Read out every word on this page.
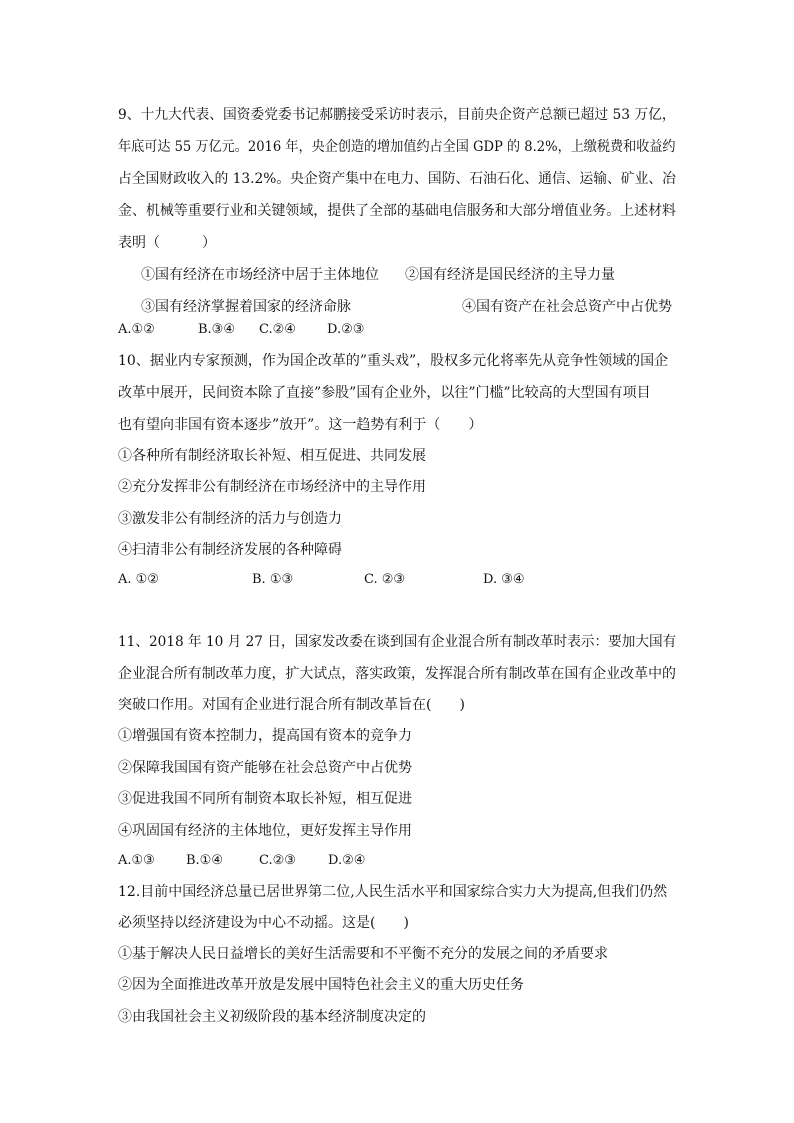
9、十九大代表、国资委党委书记郝鹏接受采访时表示，目前央企资产总额已超过 53 万亿，
年底可达 55 万亿元。2016 年，央企创造的增加值约占全国 GDP 的 8.2%，上缴税费和收益约
占全国财政收入的 13.2%。央企资产集中在电力、国防、石油石化、通信、运输、矿业、冶
金、机械等重要行业和关键领域，提供了全部的基础电信服务和大部分增值业务。上述材料
表明（　　　）
①国有经济在市场经济中居于主体地位 ②国有经济是国民经济的主导力量
③国有经济掌握着国家的经济命脉	④国有资产在社会总资产中占优势
A.①②	B.③④ C.②④ D.②③
10、据业内专家预测，作为国企改革的”重头戏”，股权多元化将率先从竞争性领域的国企
改革中展开，民间资本除了直接”参股”国有企业外，以往”门槛”比较高的大型国有项目
也有望向非国有资本逐步”放开”。这一趋势有利于（　　）
①各种所有制经济取长补短、相互促进、共同发展
②充分发挥非公有制经济在市场经济中的主导作用
③激发非公有制经济的活力与创造力
④扫清非公有制经济发展的各种障碍
A. ①②	B. ①③	C. ②③	D. ③④
11、2018 年 10 月 27 日，国家发改委在谈到国有企业混合所有制改革时表示：要加大国有
企业混合所有制改革力度，扩大试点，落实政策，发挥混合所有制改革在国有企业改革中的
突破口作用。对国有企业进行混合所有制改革旨在(　　)
①增强国有资本控制力，提高国有资本的竞争力
②保障我国国有资产能够在社会总资产中占优势
③促进我国不同所有制资本取长补短，相互促进
④巩固国有经济的主体地位，更好发挥主导作用
A.①③ B.①④	C.②③ D.②④
12.目前中国经济总量已居世界第二位,人民生活水平和国家综合实力大为提高,但我们仍然
必须坚持以经济建设为中心不动摇。这是(　　)
①基于解决人民日益增长的美好生活需要和不平衡不充分的发展之间的矛盾要求
②因为全面推进改革开放是发展中国特色社会主义的重大历史任务
③由我国社会主义初级阶段的基本经济制度决定的
